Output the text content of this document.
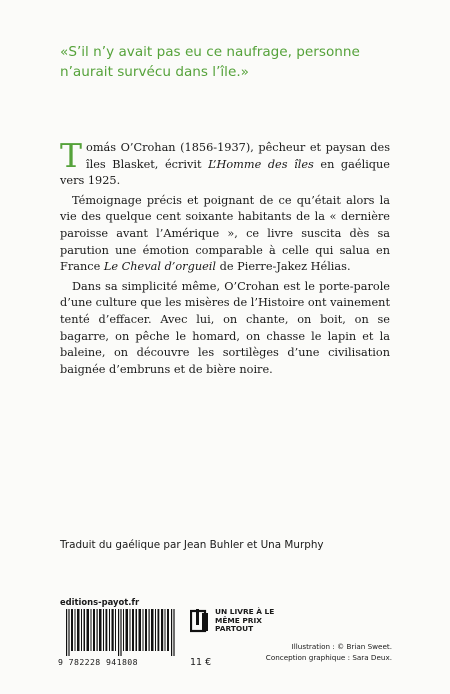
«S’il n’y avait pas eu ce naufrage, personne n’aurait survécu dans l’île.»

Tomás O’Crohan (1856-1937), pêcheur et paysan des îles Blasket, écrivit L’Homme des îles en gaélique vers 1925.

Témoignage précis et poignant de ce qu’était alors la vie des quelque cent soixante habitants de la « dernière paroisse avant l’Amérique », ce livre suscita dès sa parution une émotion comparable à celle qui salua en France Le Cheval d’orgueil de Pierre-Jakez Hélias.

Dans sa simplicité même, O’Crohan est le porte-parole d’une culture que les misères de l’Histoire ont vainement tenté d’effacer. Avec lui, on chante, on boit, on se bagarre, on pêche le homard, on chasse le lapin et la baleine, on découvre les sortilèges d’une civilisation baignée d’embruns et de bière noire.

Traduit du gaélique par Jean Buhler et Una Murphy
editions-payot.fr
9 782228 941808
UN LIVRE À LE MÊME PRIX PARTOUT
11 €
Illustration : © Brian Sweet.
Conception graphique : Sara Deux.
